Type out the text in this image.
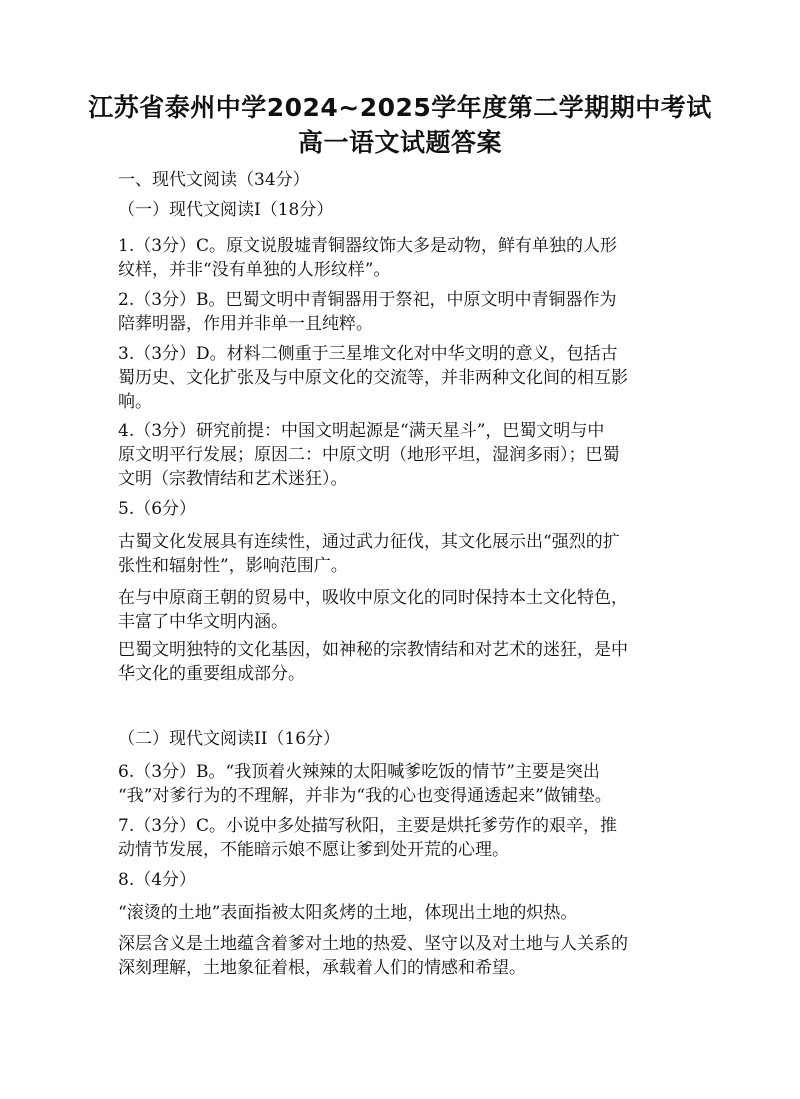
江苏省泰州中学2024~2025学年度第二学期期中考试
高一语文试题答案
一、现代文阅读（34分）
（一）现代文阅读Ⅰ（18分）
1.（3分）C。原文说殷墟青铜器纹饰大多是动物，鲜有单独的人形
纹样，并非“没有单独的人形纹样”。
2.（3分）B。巴蜀文明中青铜器用于祭祀，中原文明中青铜器作为
陪葬明器，作用并非单一且纯粹。
3.（3分）D。材料二侧重于三星堆文化对中华文明的意义，包括古
蜀历史、文化扩张及与中原文化的交流等，并非两种文化间的相互影
响。
4.（3分）研究前提：中国文明起源是“满天星斗”，巴蜀文明与中
原文明平行发展；原因二：中原文明（地形平坦，湿润多雨）；巴蜀
文明（宗教情结和艺术迷狂）。
5.（6分）
古蜀文化发展具有连续性，通过武力征伐，其文化展示出“强烈的扩
张性和辐射性”，影响范围广。
在与中原商王朝的贸易中，吸收中原文化的同时保持本土文化特色，
丰富了中华文明内涵。
巴蜀文明独特的文化基因，如神秘的宗教情结和对艺术的迷狂，是中
华文化的重要组成部分。
（二）现代文阅读II（16分）
6.（3分）B。“我顶着火辣辣的太阳喊爹吃饭的情节”主要是突出
“我”对爹行为的不理解，并非为“我的心也变得通透起来”做铺垫。
7.（3分）C。小说中多处描写秋阳，主要是烘托爹劳作的艰辛，推
动情节发展，不能暗示娘不愿让爹到处开荒的心理。
8.（4分）
“滚烫的土地”表面指被太阳炙烤的土地，体现出土地的炽热。
深层含义是土地蕴含着爹对土地的热爱、坚守以及对土地与人关系的
深刻理解，土地象征着根，承载着人们的情感和希望。
